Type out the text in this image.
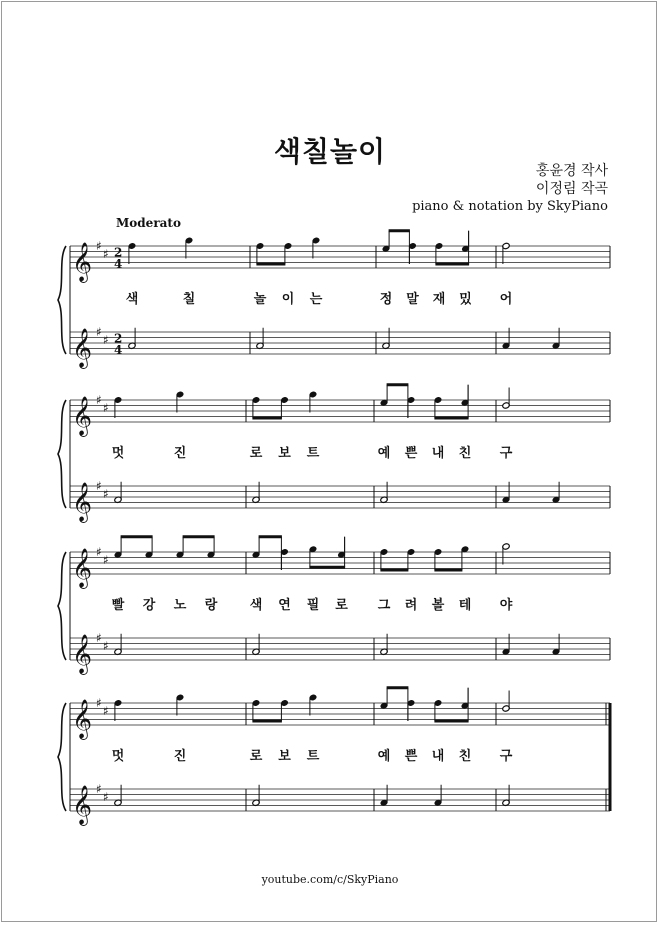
색칠놀이
홍윤경 작사
이정림 작곡
piano & notation by SkyPiano
Moderato
𝄞
𝄞
♯
♯
♯
♯
2
4
2
4
색	칠	놀 이 는	정 말 재 밌 어
𝄞
𝄞
♯
♯
♯
♯
멋	진	로 보 트	예 쁜 내 친 구
𝄞
𝄞
♯
♯
♯
♯
빨 강 노 랑 색 연 필 로 그 려 볼 테 야
𝄞
𝄞
♯
♯
♯
♯
멋	진	로 보 트	예 쁜 내 친 구
youtube.com/c/SkyPiano
